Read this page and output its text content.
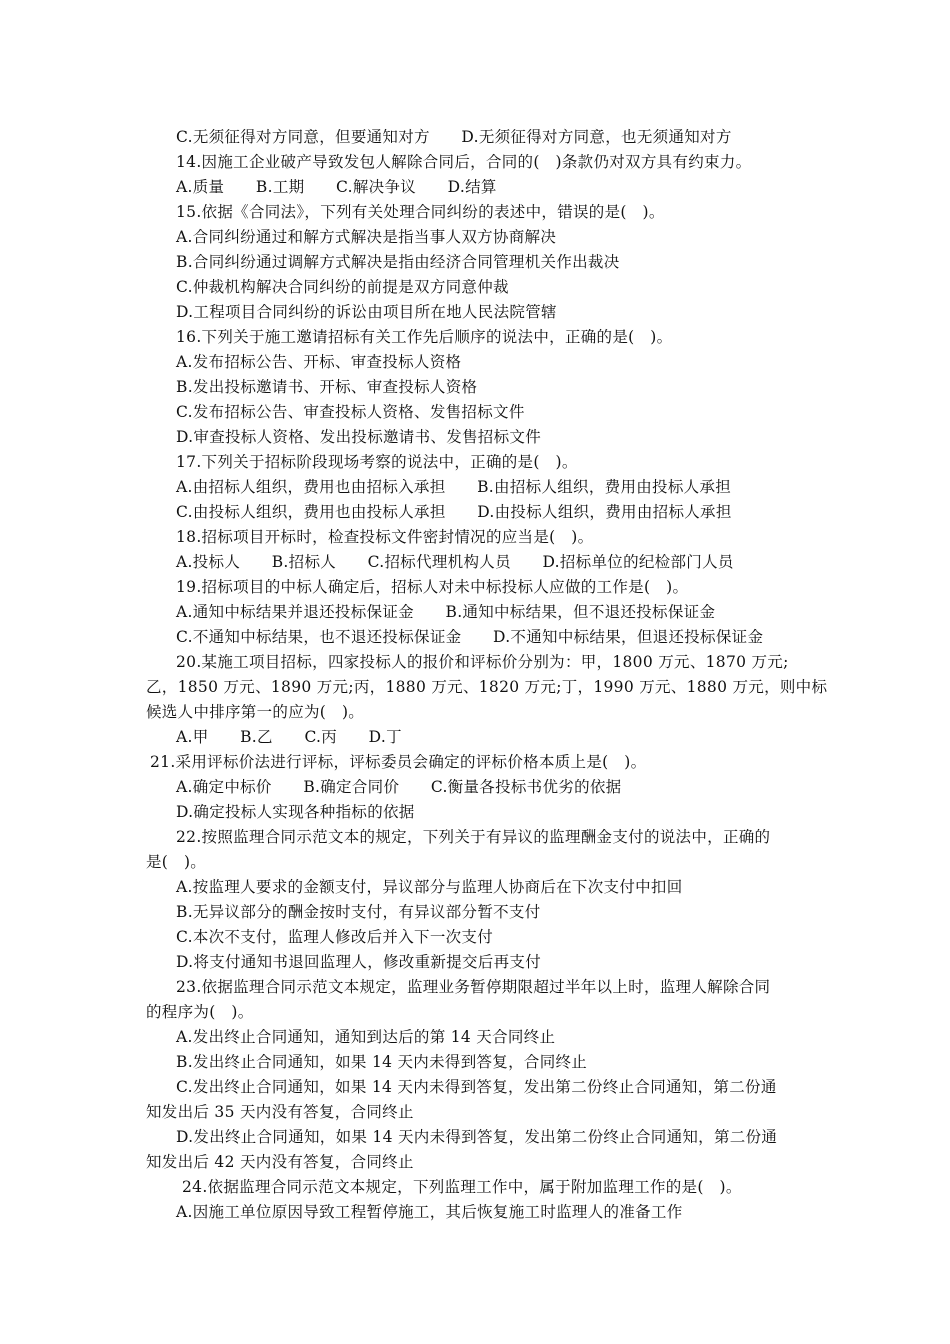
C.无须征得对方同意，但要通知对方　　D.无须征得对方同意，也无须通知对方
14.因施工企业破产导致发包人解除合同后，合同的(　)条款仍对双方具有约束力。
A.质量　　B.工期　　C.解决争议　　D.结算
15.依据《合同法》，下列有关处理合同纠纷的表述中，错误的是(　)。
A.合同纠纷通过和解方式解决是指当事人双方协商解决
B.合同纠纷通过调解方式解决是指由经济合同管理机关作出裁决
C.仲裁机构解决合同纠纷的前提是双方同意仲裁
D.工程项目合同纠纷的诉讼由项目所在地人民法院管辖
16.下列关于施工邀请招标有关工作先后顺序的说法中，正确的是(　)。
A.发布招标公告、开标、审查投标人资格
B.发出投标邀请书、开标、审查投标人资格
C.发布招标公告、审查投标人资格、发售招标文件
D.审查投标人资格、发出投标邀请书、发售招标文件
17.下列关于招标阶段现场考察的说法中，正确的是(　)。
A.由招标人组织，费用也由招标入承担　　B.由招标人组织，费用由投标人承担
C.由投标人组织，费用也由投标人承担　　D.由投标人组织，费用由招标人承担
18.招标项目开标时，检查投标文件密封情况的应当是(　)。
A.投标人　　B.招标人　　C.招标代理机构人员　　D.招标单位的纪检部门人员
19.招标项目的中标人确定后，招标人对未中标投标人应做的工作是(　)。
A.通知中标结果并退还投标保证金　　B.通知中标结果，但不退还投标保证金
C.不通知中标结果，也不退还投标保证金　　D.不通知中标结果，但退还投标保证金
20.某施工项目招标，四家投标人的报价和评标价分别为：甲，1800 万元、1870 万元;
乙，1850 万元、1890 万元;丙，1880 万元、1820 万元;丁，1990 万元、1880 万元，则中标
候选人中排序第一的应为(　)。
A.甲　　B.乙　　C.丙　　D.丁
21.采用评标价法进行评标，评标委员会确定的评标价格本质上是(　)。
A.确定中标价　　B.确定合同价　　C.衡量各投标书优劣的依据
D.确定投标人实现各种指标的依据
22.按照监理合同示范文本的规定，下列关于有异议的监理酬金支付的说法中，正确的
是(　)。
A.按监理人要求的金额支付，异议部分与监理人协商后在下次支付中扣回
B.无异议部分的酬金按时支付，有异议部分暂不支付
C.本次不支付，监理人修改后并入下一次支付
D.将支付通知书退回监理人，修改重新提交后再支付
23.依据监理合同示范文本规定，监理业务暂停期限超过半年以上时，监理人解除合同
的程序为(　)。
A.发出终止合同通知，通知到达后的第 14 天合同终止
B.发出终止合同通知，如果 14 天内未得到答复，合同终止
C.发出终止合同通知，如果 14 天内未得到答复，发出第二份终止合同通知，第二份通
知发出后 35 天内没有答复，合同终止
D.发出终止合同通知，如果 14 天内未得到答复，发出第二份终止合同通知，第二份通
知发出后 42 天内没有答复，合同终止
24.依据监理合同示范文本规定，下列监理工作中，属于附加监理工作的是(　)。
A.因施工单位原因导致工程暂停施工，其后恢复施工时监理人的准备工作
